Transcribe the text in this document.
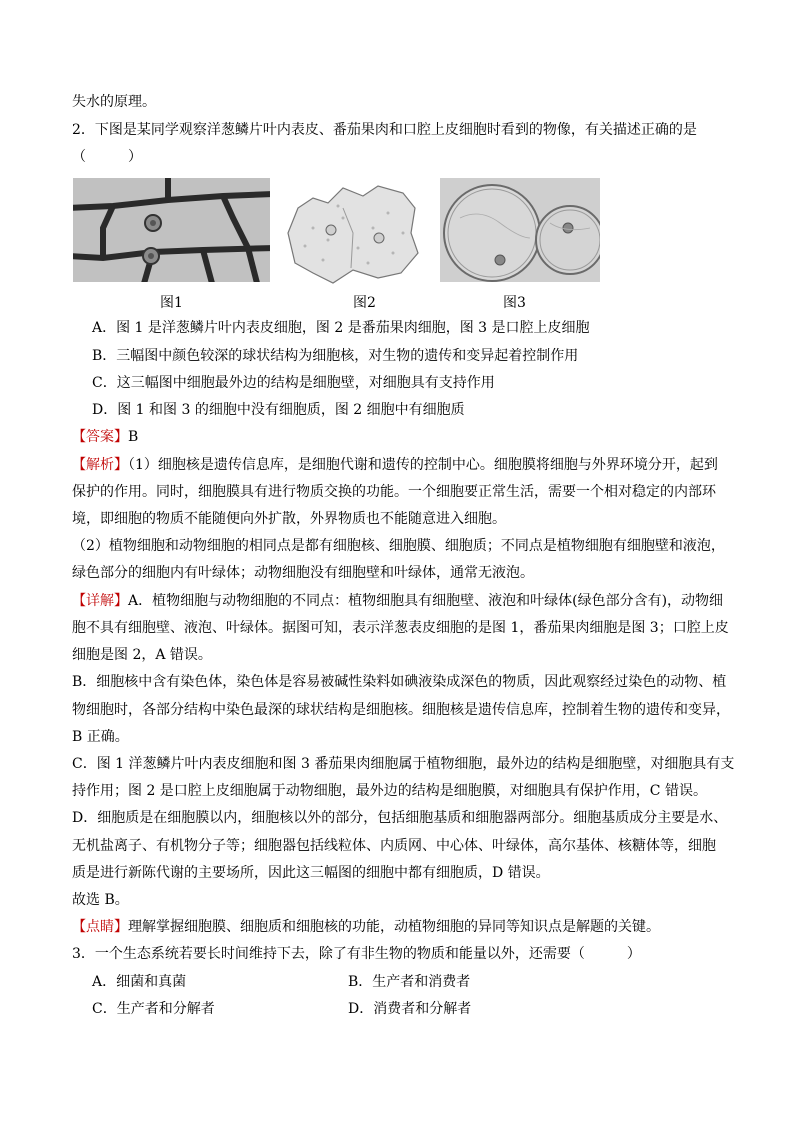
失水的原理。
2．下图是某同学观察洋葱鳞片叶内表皮、番茄果肉和口腔上皮细胞时看到的物像，有关描述正确的是
（　　　）
图1	图2	图3
A．图 1 是洋葱鳞片叶内表皮细胞，图 2 是番茄果肉细胞，图 3 是口腔上皮细胞
B．三幅图中颜色较深的球状结构为细胞核，对生物的遗传和变异起着控制作用
C．这三幅图中细胞最外边的结构是细胞壁，对细胞具有支持作用
D．图 1 和图 3 的细胞中没有细胞质，图 2 细胞中有细胞质
【答案】B
【解析】（1）细胞核是遗传信息库，是细胞代谢和遗传的控制中心。细胞膜将细胞与外界环境分开，起到
保护的作用。同时，细胞膜具有进行物质交换的功能。一个细胞要正常生活，需要一个相对稳定的内部环
境，即细胞的物质不能随便向外扩散，外界物质也不能随意进入细胞。
（2）植物细胞和动物细胞的相同点是都有细胞核、细胞膜、细胞质；不同点是植物细胞有细胞壁和液泡，
绿色部分的细胞内有叶绿体；动物细胞没有细胞壁和叶绿体，通常无液泡。
【详解】A．植物细胞与动物细胞的不同点：植物细胞具有细胞壁、液泡和叶绿体(绿色部分含有)，动物细
胞不具有细胞壁、液泡、叶绿体。据图可知，表示洋葱表皮细胞的是图 1，番茄果肉细胞是图 3；口腔上皮
细胞是图 2，A 错误。
B．细胞核中含有染色体，染色体是容易被碱性染料如碘液染成深色的物质，因此观察经过染色的动物、植
物细胞时，各部分结构中染色最深的球状结构是细胞核。细胞核是遗传信息库，控制着生物的遗传和变异，
B 正确。
C．图 1 洋葱鳞片叶内表皮细胞和图 3 番茄果肉细胞属于植物细胞，最外边的结构是细胞壁，对细胞具有支
持作用；图 2 是口腔上皮细胞属于动物细胞，最外边的结构是细胞膜，对细胞具有保护作用，C 错误。
D．细胞质是在细胞膜以内，细胞核以外的部分，包括细胞基质和细胞器两部分。细胞基质成分主要是水、
无机盐离子、有机物分子等；细胞器包括线粒体、内质网、中心体、叶绿体，高尔基体、核糖体等，细胞
质是进行新陈代谢的主要场所，因此这三幅图的细胞中都有细胞质，D 错误。
故选 B。
【点睛】理解掌握细胞膜、细胞质和细胞核的功能，动植物细胞的异同等知识点是解题的关键。
3．一个生态系统若要长时间维持下去，除了有非生物的物质和能量以外，还需要（　　　）
A．细菌和真菌	B．生产者和消费者
C．生产者和分解者	D．消费者和分解者
